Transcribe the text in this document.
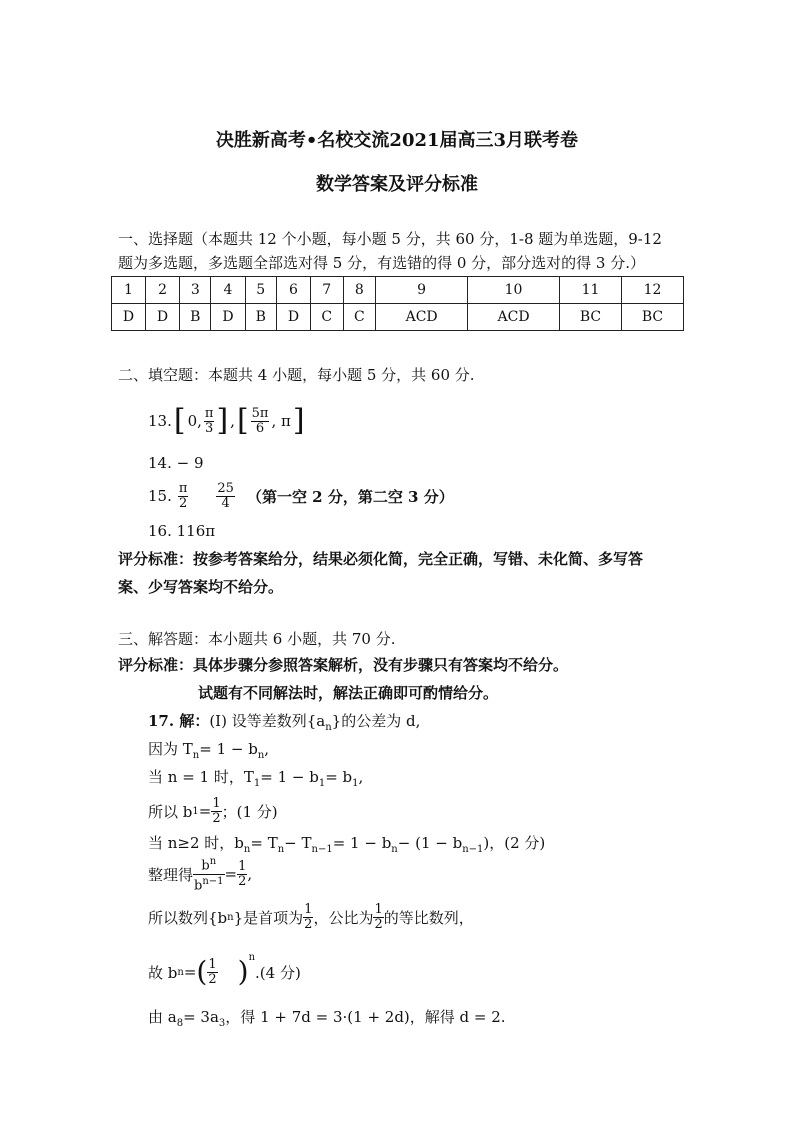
决胜新高考•名校交流2021届高三3月联考卷
数学答案及评分标准
一、选择题（本题共 12 个小题，每小题 5 分，共 60 分，1-8 题为单选题，9-12
题为多选题，多选题全部选对得 5 分，有选错的得 0 分，部分选对的得 3 分.）
1	2	3	4	5	6	7	8	9	10	11	12
D	D	B	D	B	D	C	C	ACD	ACD	BC	BC
二、填空题：本题共 4 小题，每小题 5 分，共 60 分.
13. [ 0, $\frac{\pi}{3}$ ] , [ $\frac{5\pi}{6}$ , π ]
14. − 9
15. $\frac{\pi}{2} \frac{25}{4}$ （第一空 2 分，第二空 3 分）
16. 116π
评分标准：按参考答案给分，结果必须化简，完全正确，写错、未化简、多写答
案、少写答案均不给分。
三、解答题：本小题共 6 小题，共 70 分.
评分标准：具体步骤分参照答案解析，没有步骤只有答案均不给分。
试题有不同解法时，解法正确即可酌情给分。
17. 解：(Ⅰ) 设等差数列$\{a_n\}$的公差为 d,
因为 $T_n= 1 - b_n$,
当 n = 1 时，$T_1= 1 - b_1= b_1$,
所以 b $1 = \frac{1}{2}$ ；(1 分)
当 n≥2 时，$b_n= T_n- T_{n-1}= 1 - b_n- (1 - b_{n-1})$，(2 分)
整理得 $\frac{b^n}{b^{n-1}} = \frac{1}{2}$ ,
所以数列{b n }是首项为 $\frac{1}{2}$ ，公比为 $\frac{1}{2}$ 的等比数列，
故 b n = ( $\frac{1}{2} )^n$
.(4 分)
由 $a_8= 3a_3$，得 1 + 7d = 3·(1 + 2d)，解得 d = 2.
